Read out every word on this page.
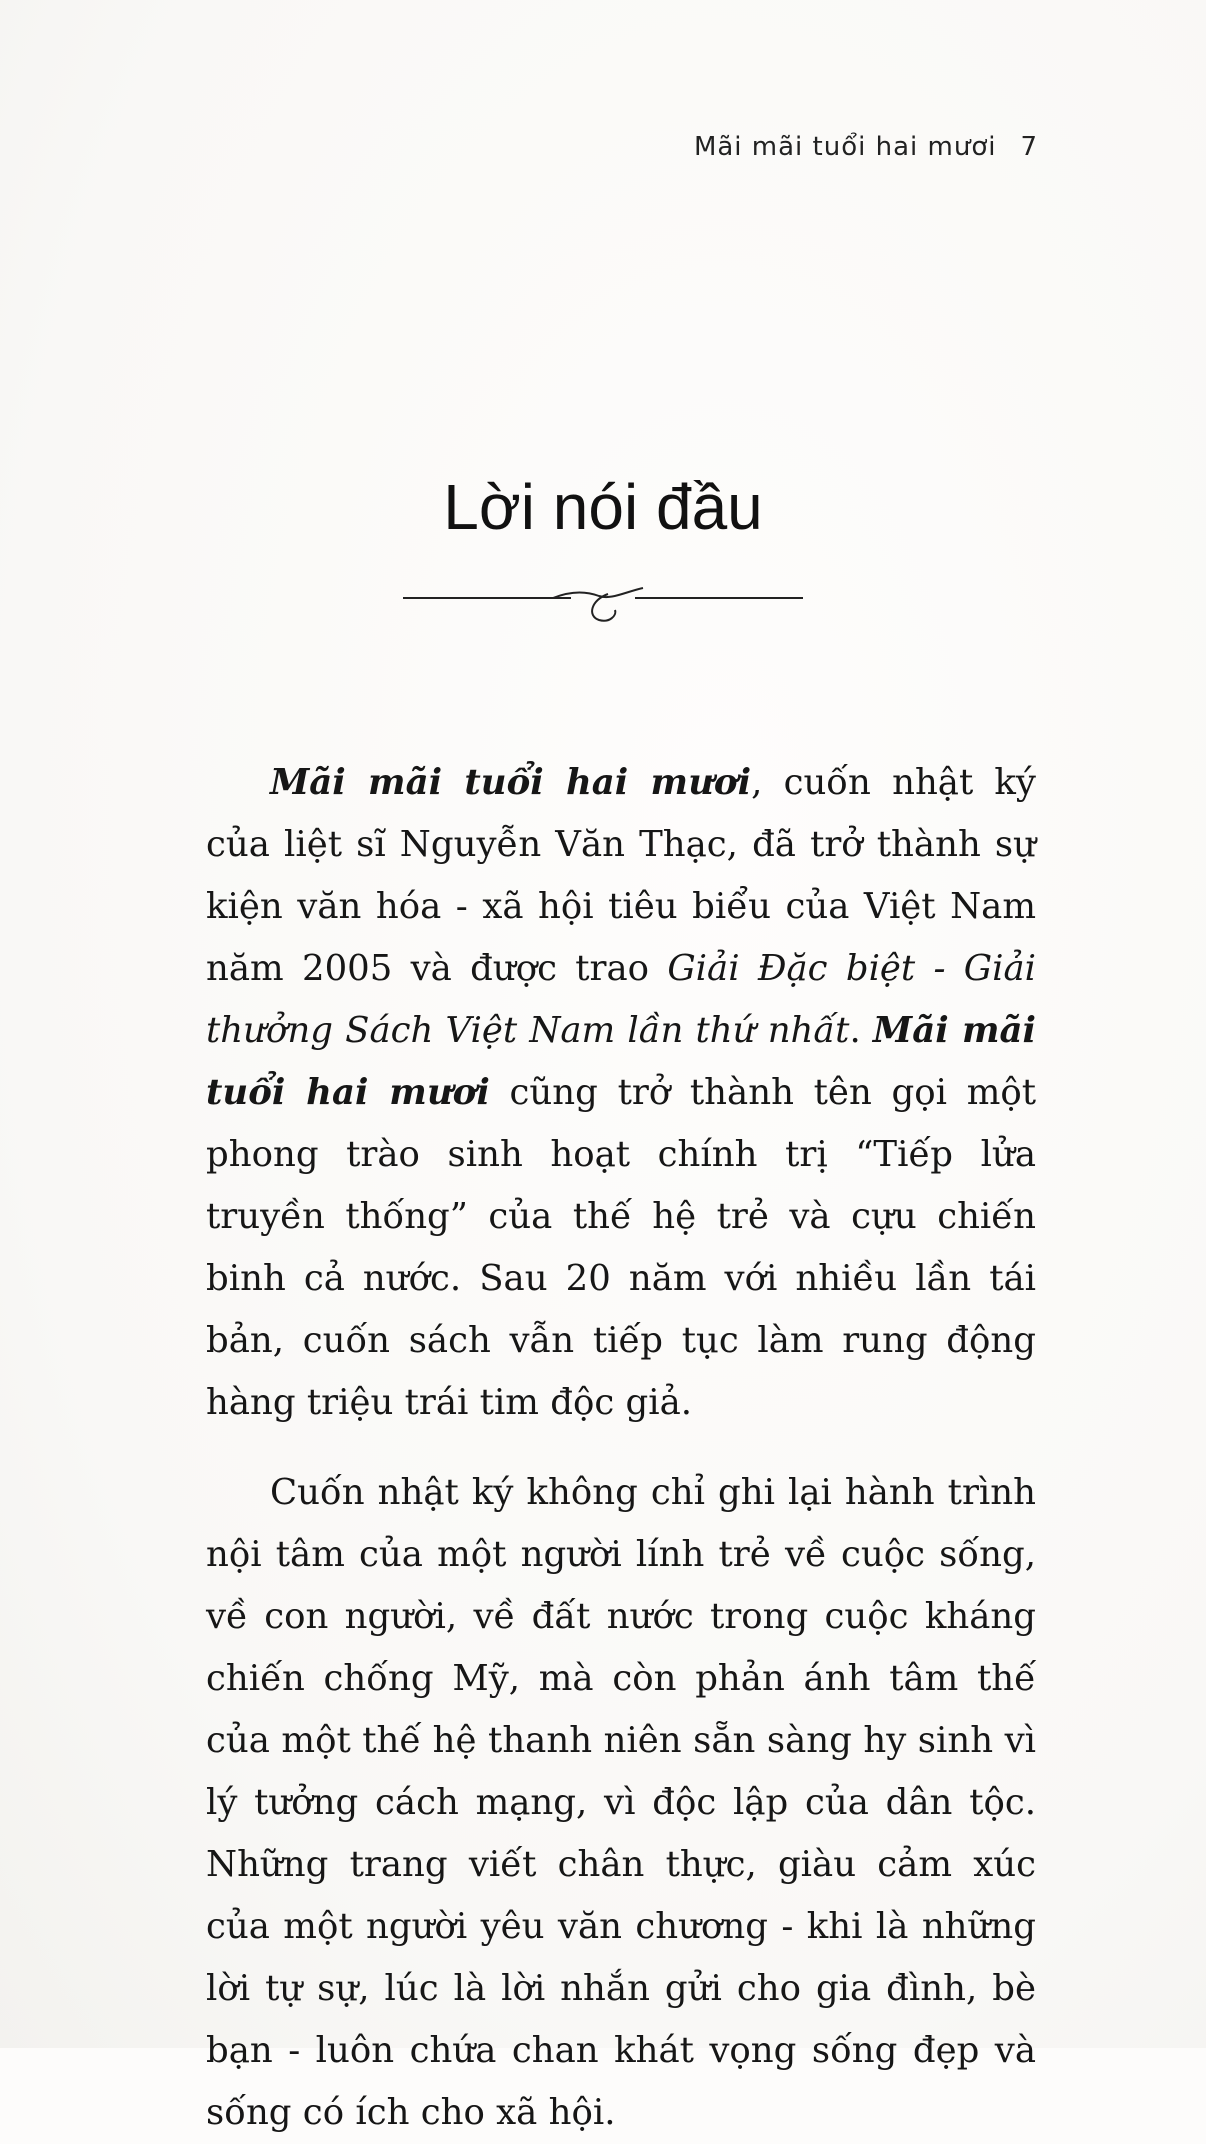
Mãi mãi tuổi hai mươi 7
Lời nói đầu

Mãi mãi tuổi hai mươi, cuốn nhật ký của liệt sĩ Nguyễn Văn Thạc, đã trở thành sự kiện văn hóa - xã hội tiêu biểu của Việt Nam năm 2005 và được trao Giải Đặc biệt - Giải thưởng Sách Việt Nam lần thứ nhất. Mãi mãi tuổi hai mươi cũng trở thành tên gọi một phong trào sinh hoạt chính trị “Tiếp lửa truyền thống” của thế hệ trẻ và cựu chiến binh cả nước. Sau 20 năm với nhiều lần tái bản, cuốn sách vẫn tiếp tục làm rung động hàng triệu trái tim độc giả.

Cuốn nhật ký không chỉ ghi lại hành trình nội tâm của một người lính trẻ về cuộc sống, về con người, về đất nước trong cuộc kháng chiến chống Mỹ, mà còn phản ánh tâm thế của một thế hệ thanh niên sẵn sàng hy sinh vì lý tưởng cách mạng, vì độc lập của dân tộc. Những trang viết chân thực, giàu cảm xúc của một người yêu văn chương - khi là những lời tự sự, lúc là lời nhắn gửi cho gia đình, bè bạn - luôn chứa chan khát vọng sống đẹp và sống có ích cho xã hội.
